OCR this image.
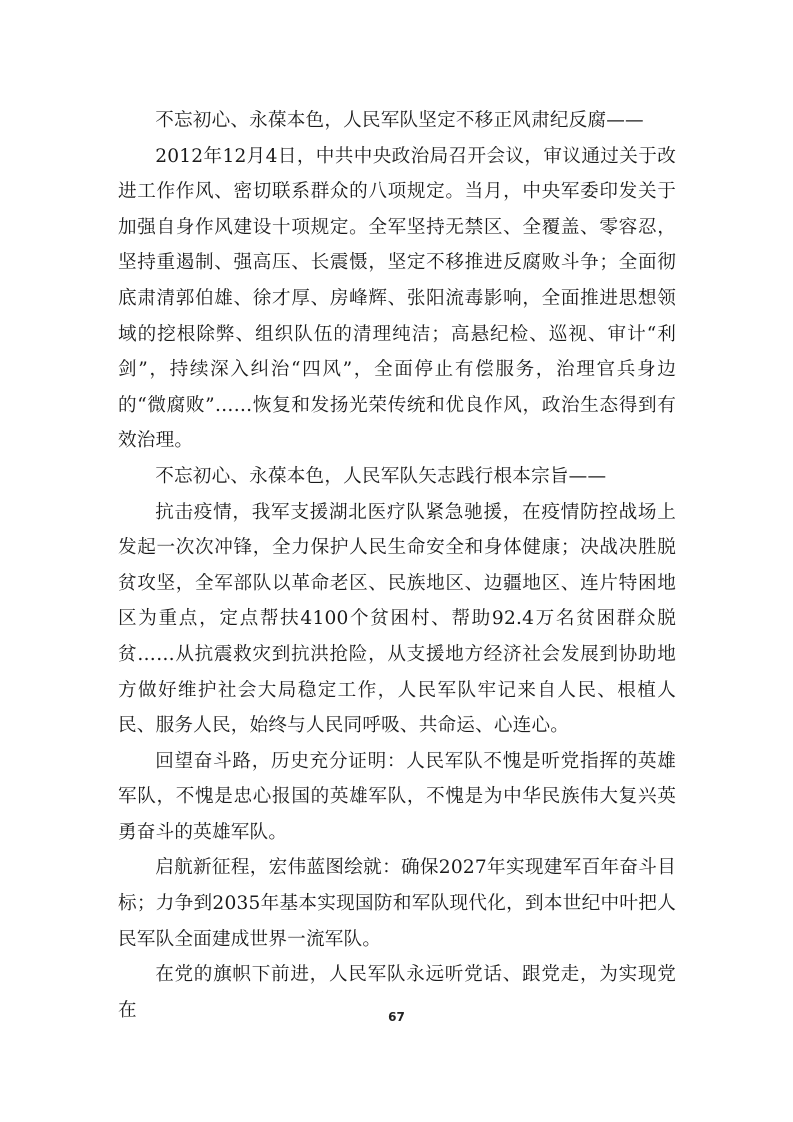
不忘初心、永葆本色，人民军队坚定不移正风肃纪反腐——

2012年12月4日，中共中央政治局召开会议，审议通过关于改进工作作风、密切联系群众的八项规定。当月，中央军委印发关于加强自身作风建设十项规定。全军坚持无禁区、全覆盖、零容忍，坚持重遏制、强高压、长震慑，坚定不移推进反腐败斗争；全面彻底肃清郭伯雄、徐才厚、房峰辉、张阳流毒影响，全面推进思想领域的挖根除弊、组织队伍的清理纯洁；高悬纪检、巡视、审计“利剑”，持续深入纠治“四风”，全面停止有偿服务，治理官兵身边的“微腐败”……恢复和发扬光荣传统和优良作风，政治生态得到有效治理。

不忘初心、永葆本色，人民军队矢志践行根本宗旨——

抗击疫情，我军支援湖北医疗队紧急驰援，在疫情防控战场上发起一次次冲锋，全力保护人民生命安全和身体健康；决战决胜脱贫攻坚，全军部队以革命老区、民族地区、边疆地区、连片特困地区为重点，定点帮扶4100个贫困村、帮助92.4万名贫困群众脱贫……从抗震救灾到抗洪抢险，从支援地方经济社会发展到协助地方做好维护社会大局稳定工作，人民军队牢记来自人民、根植人民、服务人民，始终与人民同呼吸、共命运、心连心。

回望奋斗路，历史充分证明：人民军队不愧是听党指挥的英雄军队，不愧是忠心报国的英雄军队，不愧是为中华民族伟大复兴英勇奋斗的英雄军队。

启航新征程，宏伟蓝图绘就：确保2027年实现建军百年奋斗目标；力争到2035年基本实现国防和军队现代化，到本世纪中叶把人民军队全面建成世界一流军队。

在党的旗帜下前进，人民军队永远听党话、跟党走，为实现党在	67
